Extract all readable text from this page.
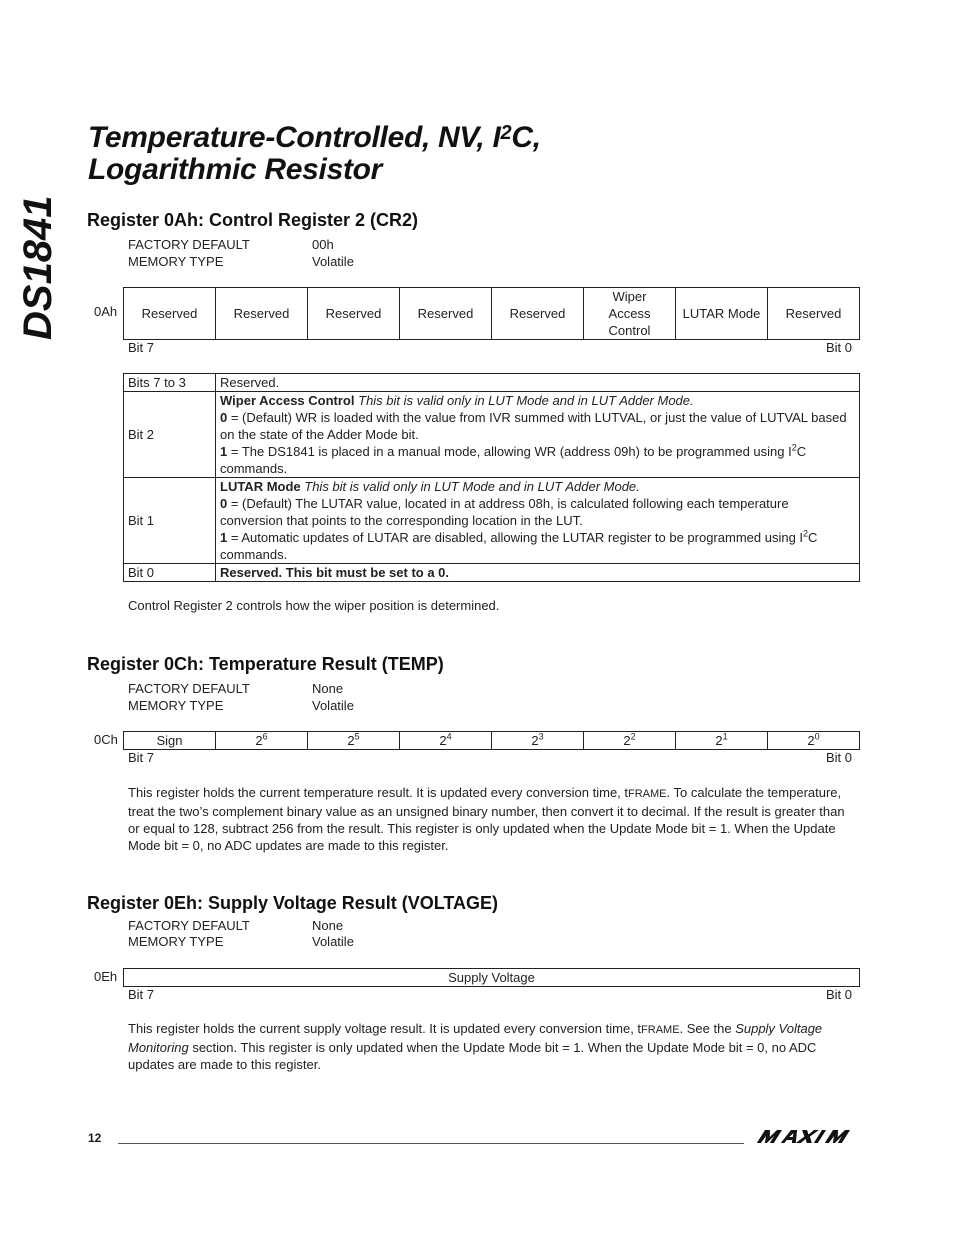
Temperature-Controlled, NV, $I^2C$,
Logarithmic Resistor
DS1841 Register 0Ah: Control Register 2 (CR2)
FACTORY DEFAULT	00h
MEMORY TYPE	Volatile
0Ah Reserved	Reserved	Reserved	Reserved	Reserved	Wiper Access Control	LUTAR Mode	Reserved
Bit 7	Bit 0
Bits 7 to 3	Reserved.
Bit 2	Wiper Access Control This bit is valid only in LUT Mode and in LUT Adder Mode.
0 = (Default) WR is loaded with the value from IVR summed with LUTVAL, or just the value of LUTVAL based on the state of the Adder Mode bit.
1 = The DS1841 is placed in a manual mode, allowing WR (address 09h) to be programmed using $I^2C$ commands.

Bit 1	LUTAR Mode This bit is valid only in LUT Mode and in LUT Adder Mode.
0 = (Default) The LUTAR value, located in at address 08h, is calculated following each temperature conversion that points to the corresponding location in the LUT.
1 = Automatic updates of LUTAR are disabled, allowing the LUTAR register to be programmed using $I^2C$ commands.

Bit 0	Reserved. This bit must be set to a 0.
Control Register 2 controls how the wiper position is determined.
Register 0Ch: Temperature Result (TEMP)
FACTORY DEFAULT	None
MEMORY TYPE	Volatile
0Ch	Sign	$2^6$	$2^5$	$2^4$	$2^3$	$2^2$	$2^1$	$2^0$
Bit 7	Bit 0
This register holds the current temperature result. It is updated every conversion time, tFRAME. To calculate the temperature, treat the two’s complement binary value as an unsigned binary number, then convert it to decimal. If the result is greater than or equal to 128, subtract 256 from the result. This register is only updated when the Update Mode bit = 1. When the Update Mode bit = 0, no ADC updates are made to this register.
Register 0Eh: Supply Voltage Result (VOLTAGE)
FACTORY DEFAULT	None
MEMORY TYPE	Volatile
0Eh	Supply Voltage
Bit 7	Bit 0
This register holds the current supply voltage result. It is updated every conversion time, tFRAME. See the Supply Voltage Monitoring section. This register is only updated when the Update Mode bit = 1. When the Update Mode bit = 0, no ADC updates are made to this register.
12
